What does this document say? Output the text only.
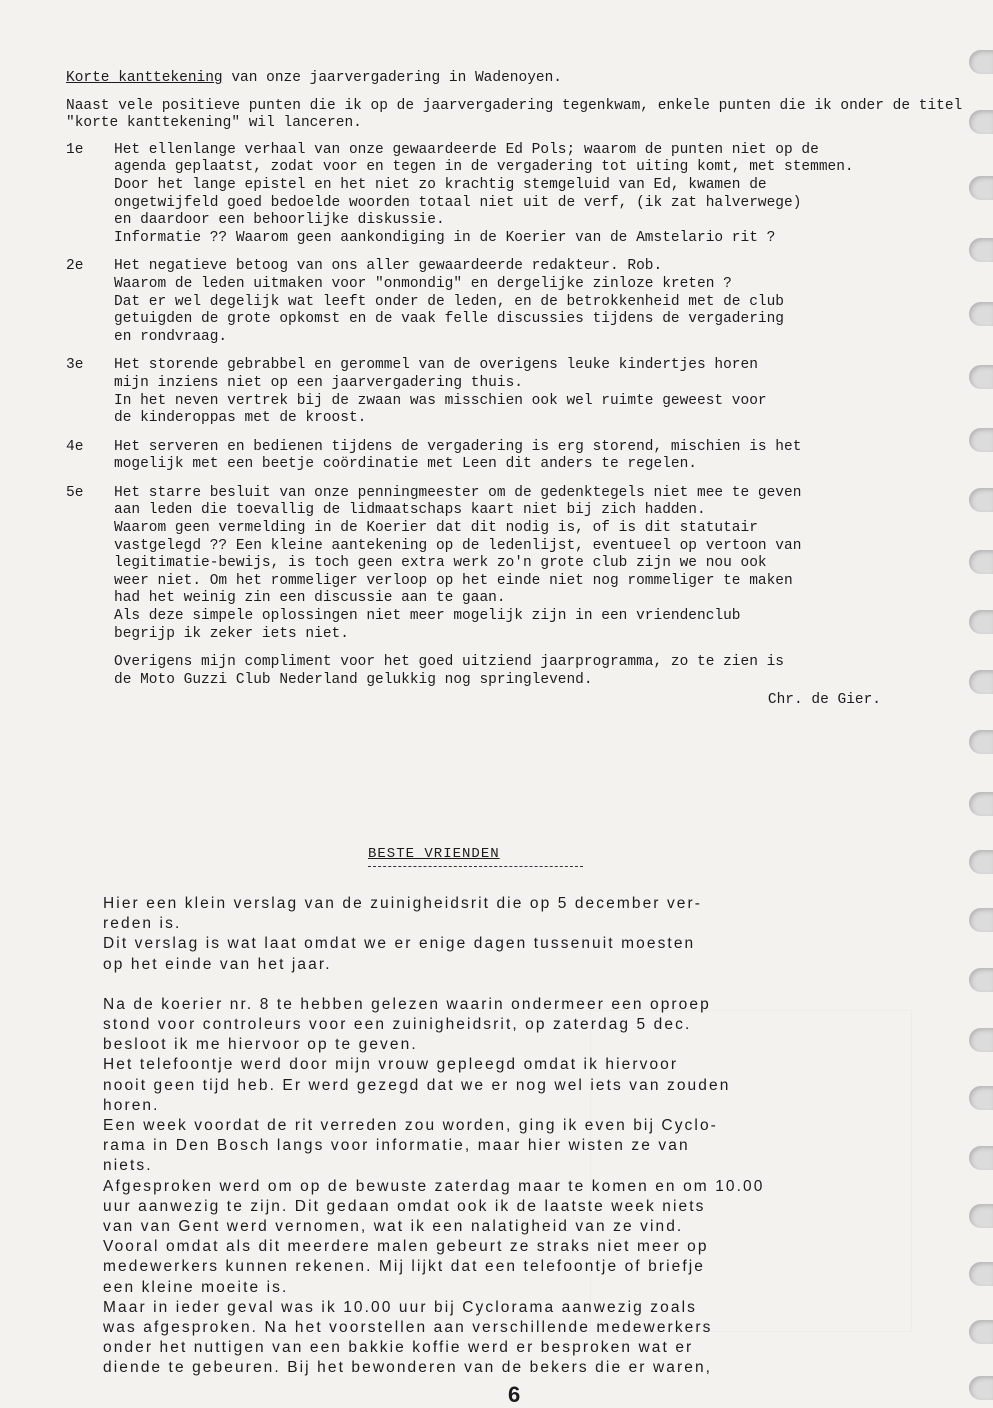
Korte kanttekening van onze jaarvergadering in Wadenoyen.
Naast vele positieve punten die ik op de jaarvergadering tegenkwam, enkele punten die ik onder de titel "korte kanttekening" wil lanceren.
1e Het ellenlange verhaal van onze gewaardeerde Ed Pols; waarom de punten niet op de

agenda geplaatst, zodat voor en tegen in de vergadering tot uiting komt, met stemmen.

Door het lange epistel en het niet zo krachtig stemgeluid van Ed, kwamen de

ongetwijfeld goed bedoelde woorden totaal niet uit de verf, (ik zat halverwege)

en daardoor een behoorlijke diskussie.

Informatie ?? Waarom geen aankondiging in de Koerier van de Amstelario rit ?

2e Het negatieve betoog van ons aller gewaardeerde redakteur. Rob.

Waarom de leden uitmaken voor "onmondig" en dergelijke zinloze kreten ?

Dat er wel degelijk wat leeft onder de leden, en de betrokkenheid met de club

getuigden de grote opkomst en de vaak felle discussies tijdens de vergadering

en rondvraag.

3e Het storende gebrabbel en gerommel van de overigens leuke kindertjes horen

mijn inziens niet op een jaarvergadering thuis.

In het neven vertrek bij de zwaan was misschien ook wel ruimte geweest voor

de kinderoppas met de kroost.

4e Het serveren en bedienen tijdens de vergadering is erg storend, mischien is het

mogelijk met een beetje coördinatie met Leen dit anders te regelen.

5e Het starre besluit van onze penningmeester om de gedenktegels niet mee te geven

aan leden die toevallig de lidmaatschaps kaart niet bij zich hadden.

Waarom geen vermelding in de Koerier dat dit nodig is, of is dit statutair

vastgelegd ?? Een kleine aantekening op de ledenlijst, eventueel op vertoon van

legitimatie-bewijs, is toch geen extra werk zo'n grote club zijn we nou ook

weer niet. Om het rommeliger verloop op het einde niet nog rommeliger te maken

had het weinig zin een discussie aan te gaan.

Als deze simpele oplossingen niet meer mogelijk zijn in een vriendenclub

begrijp ik zeker iets niet.

Overigens mijn compliment voor het goed uitziend jaarprogramma, zo te zien is

de Moto Guzzi Club Nederland gelukkig nog springlevend.

Chr. de Gier.
BESTE VRIENDEN

Hier een klein verslag van de zuinigheidsrit die op 5 december ver-
reden is.
Dit verslag is wat laat omdat we er enige dagen tussenuit moesten
op het einde van het jaar.

Na de koerier nr. 8 te hebben gelezen waarin ondermeer een oproep
stond voor controleurs voor een zuinigheidsrit, op zaterdag 5 dec.
besloot ik me hiervoor op te geven.
Het telefoontje werd door mijn vrouw gepleegd omdat ik hiervoor
nooit geen tijd heb. Er werd gezegd dat we er nog wel iets van zouden
horen.
Een week voordat de rit verreden zou worden, ging ik even bij Cyclo-
rama in Den Bosch langs voor informatie, maar hier wisten ze van
niets.
Afgesproken werd om op de bewuste zaterdag maar te komen en om 10.00
uur aanwezig te zijn. Dit gedaan omdat ook ik de laatste week niets
van van Gent werd vernomen, wat ik een nalatigheid van ze vind.
Vooral omdat als dit meerdere malen gebeurt ze straks niet meer op
medewerkers kunnen rekenen. Mij lijkt dat een telefoontje of briefje
een kleine moeite is.
Maar in ieder geval was ik 10.00 uur bij Cyclorama aanwezig zoals
was afgesproken. Na het voorstellen aan verschillende medewerkers
onder het nuttigen van een bakkie koffie werd er besproken wat er
diende te gebeuren. Bij het bewonderen van de bekers die er waren,

6
